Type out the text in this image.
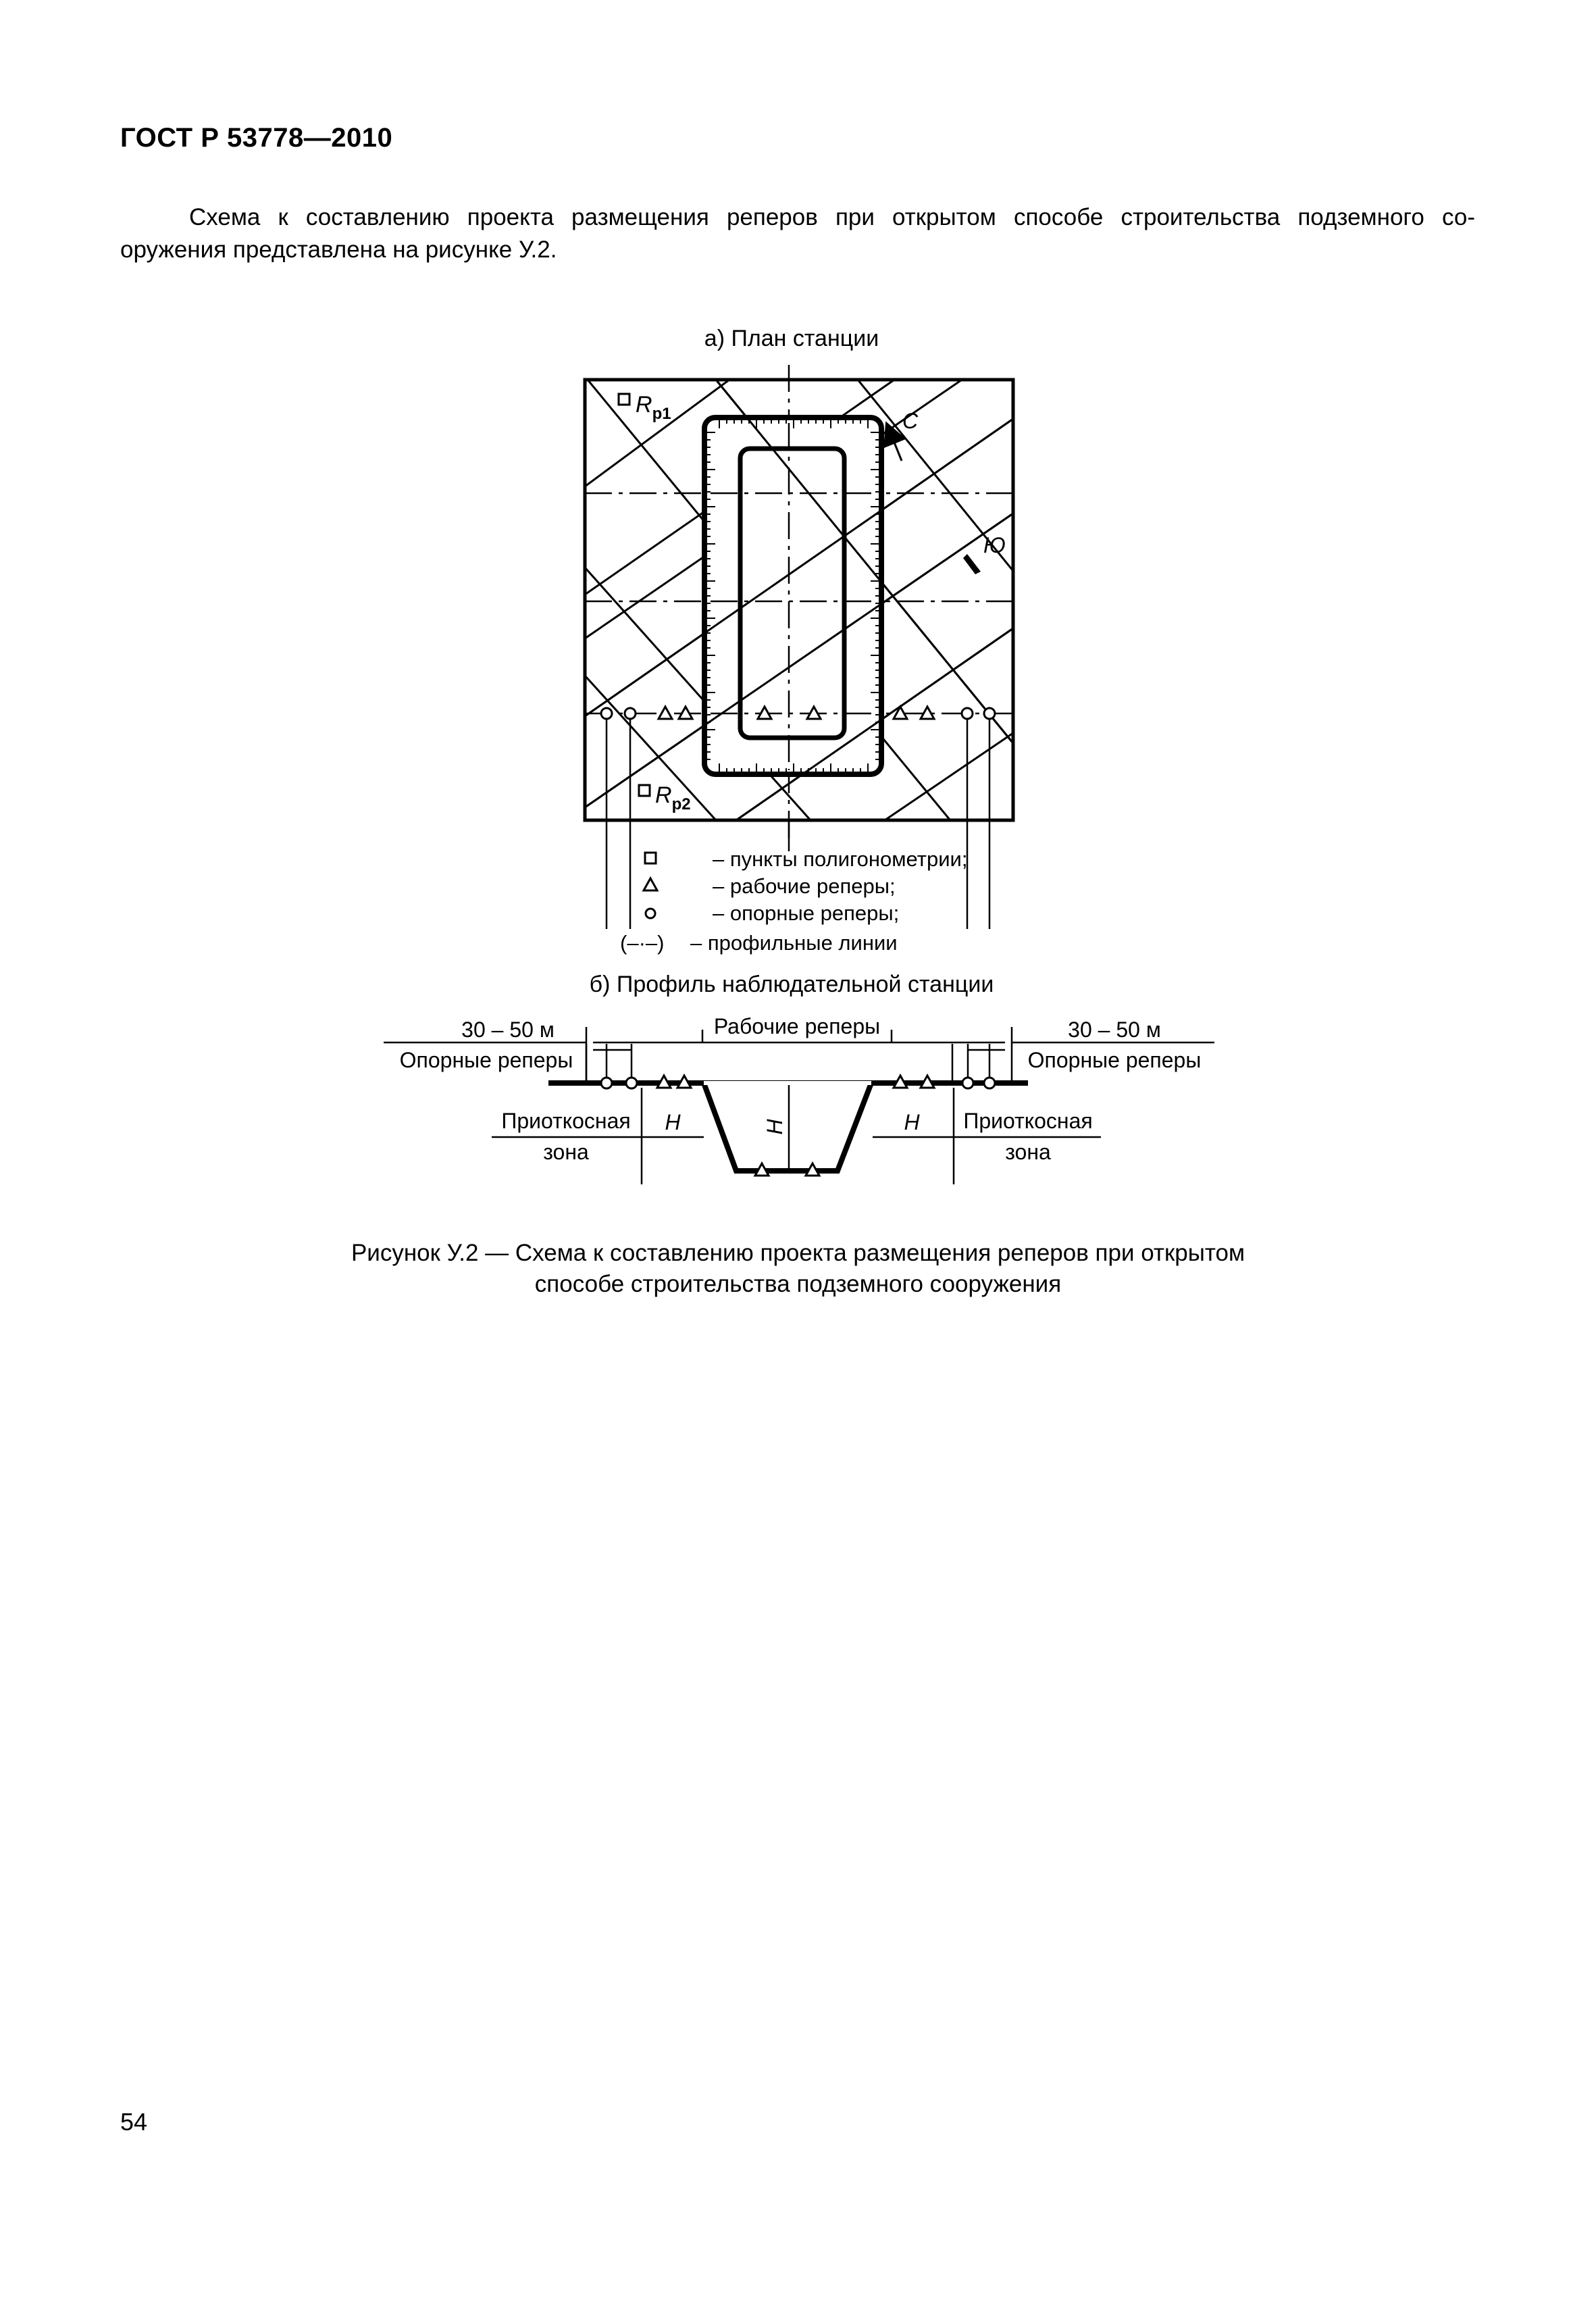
ГОСТ Р 53778—2010
Схема к составлению проекта размещения реперов при открытом способе строительства подземного со-
оружения представлена на рисунке У.2.
а) План станции
$R_{р1}$
$R_{р2}$
С
Ю
– пункты полигонометрии;
– рабочие реперы;
– опорные реперы;
(–·–) – профильные линии
б) Профиль наблюдательной станции
30 – 50 м
Опорные реперы
Рабочие реперы	30 – 50 м
Опорные реперы
Приоткосная
зона
Приоткосная
зона
Н	Н
Н
Рисунок У.2 — Схема к составлению проекта размещения реперов при открытом
способе строительства подземного сооружения
54
